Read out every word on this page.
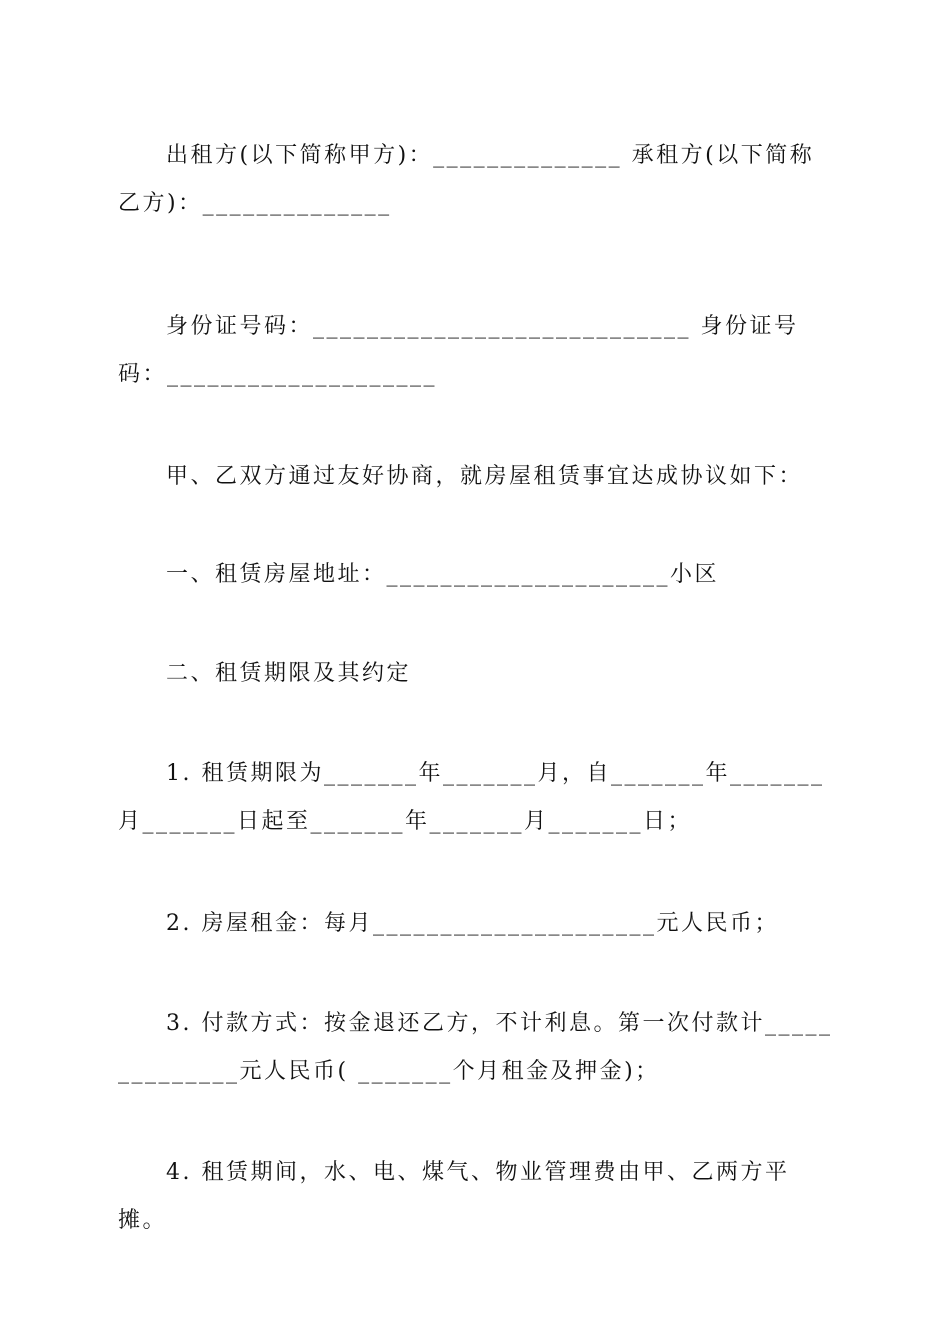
出租方(以下简称甲方)：______________ 承租方(以下简称乙方)：______________

身份证号码：____________________________ 身份证号码：____________________

甲、乙双方通过友好协商，就房屋租赁事宜达成协议如下：

一、租赁房屋地址：_____________________小区

二、租赁期限及其约定

1. 租赁期限为_______年_______月，自_______年_______月_______日起至_______年_______月_______日；

2. 房屋租金：每月_____________________元人民币；

3. 付款方式：按金退还乙方，不计利息。第一次付款计______________元人民币( _______个月租金及押金)；

4. 租赁期间，水、电、煤气、物业管理费由甲、乙两方平摊。
